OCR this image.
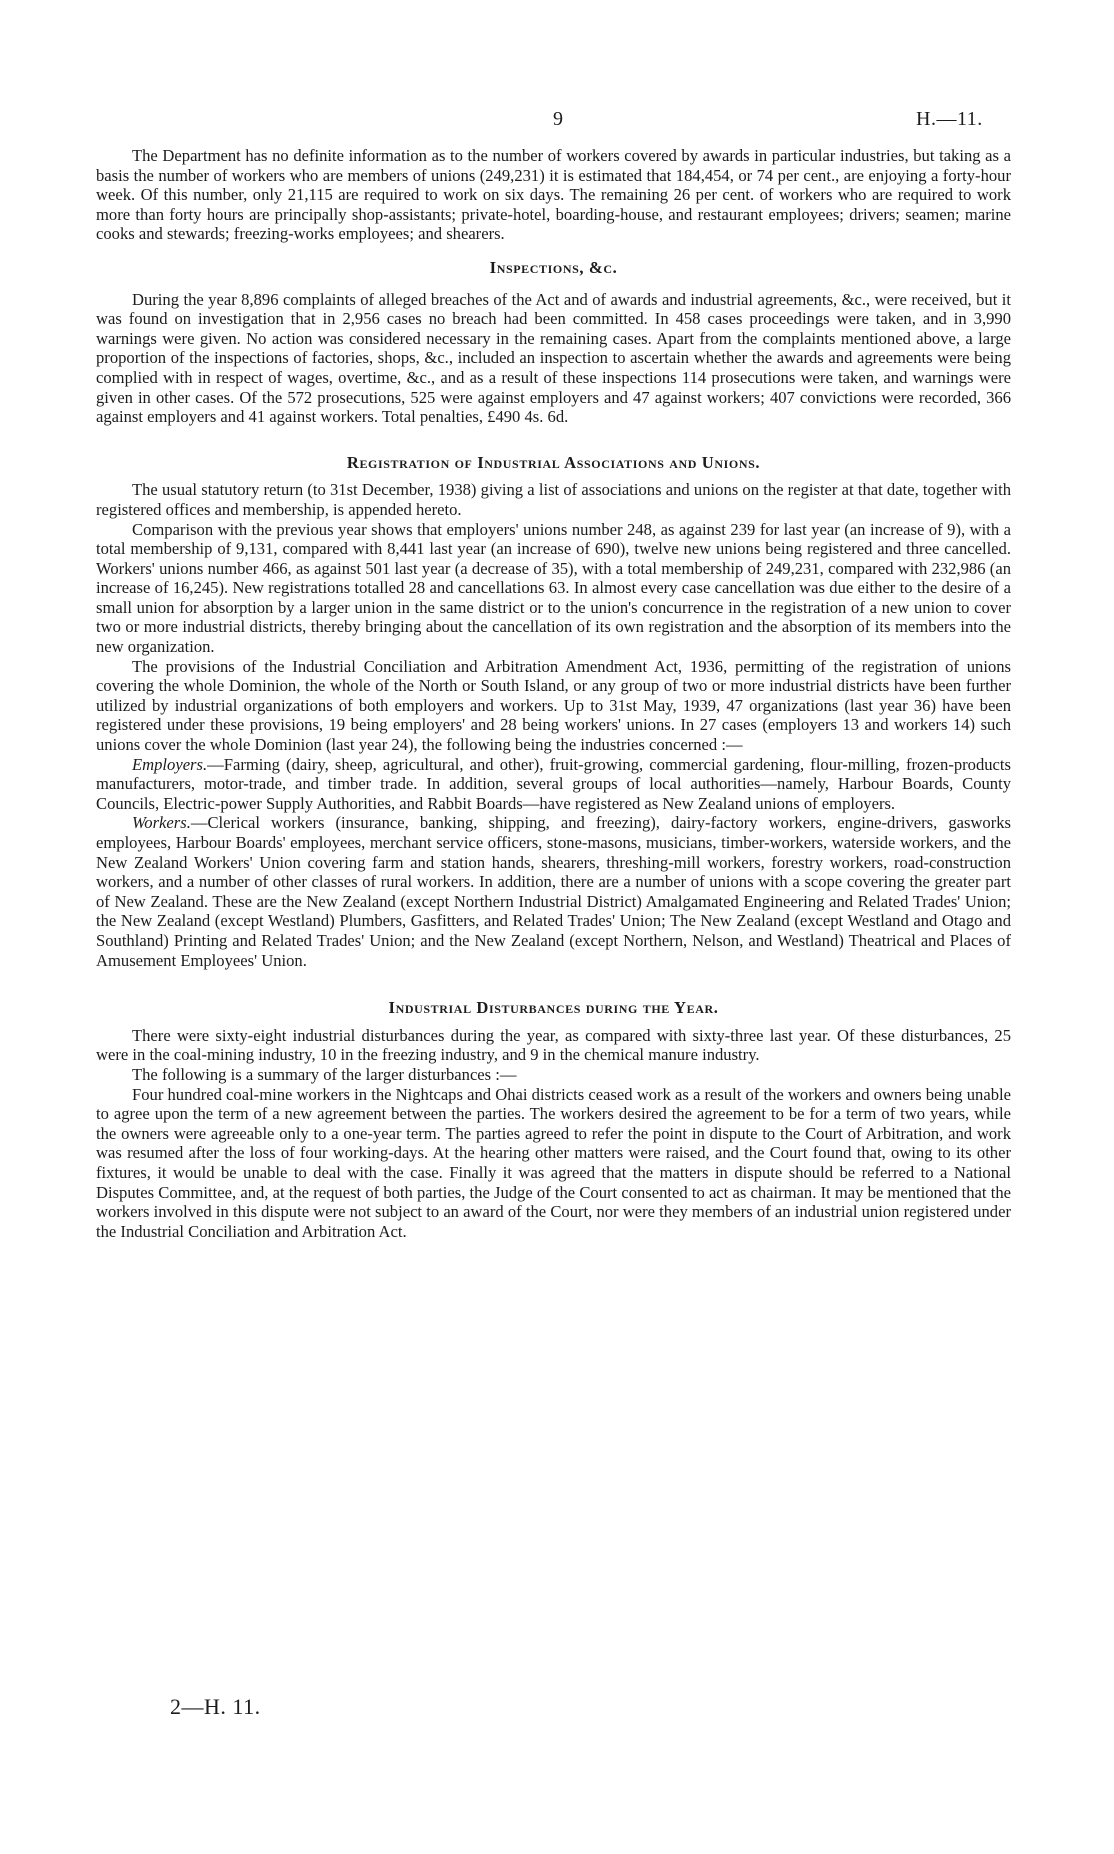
9	H.—11.

The Department has no definite information as to the number of workers covered by awards in particular industries, but taking as a basis the number of workers who are members of unions (249,231) it is estimated that 184,454, or 74 per cent., are enjoying a forty-hour week. Of this number, only 21,115 are required to work on six days. The remaining 26 per cent. of workers who are required to work more than forty hours are principally shop-assistants; private-hotel, boarding-house, and restaurant employees; drivers; seamen; marine cooks and stewards; freezing-works employees; and shearers.

Inspections, &c.

During the year 8,896 complaints of alleged breaches of the Act and of awards and industrial agreements, &c., were received, but it was found on investigation that in 2,956 cases no breach had been committed. In 458 cases proceedings were taken, and in 3,990 warnings were given. No action was considered necessary in the remaining cases. Apart from the complaints mentioned above, a large proportion of the inspections of factories, shops, &c., included an inspection to ascertain whether the awards and agreements were being complied with in respect of wages, overtime, &c., and as a result of these inspections 114 prosecutions were taken, and warnings were given in other cases. Of the 572 prosecutions, 525 were against employers and 47 against workers; 407 convictions were recorded, 366 against employers and 41 against workers. Total penalties, £490 4s. 6d.

Registration of Industrial Associations and Unions.

The usual statutory return (to 31st December, 1938) giving a list of associations and unions on the register at that date, together with registered offices and membership, is appended hereto.

Comparison with the previous year shows that employers' unions number 248, as against 239 for last year (an increase of 9), with a total membership of 9,131, compared with 8,441 last year (an increase of 690), twelve new unions being registered and three cancelled. Workers' unions number 466, as against 501 last year (a decrease of 35), with a total membership of 249,231, compared with 232,986 (an increase of 16,245). New registrations totalled 28 and cancellations 63. In almost every case cancellation was due either to the desire of a small union for absorption by a larger union in the same district or to the union's concurrence in the registration of a new union to cover two or more industrial districts, thereby bringing about the cancellation of its own registration and the absorption of its members into the new organization.

The provisions of the Industrial Conciliation and Arbitration Amendment Act, 1936, permitting of the registration of unions covering the whole Dominion, the whole of the North or South Island, or any group of two or more industrial districts have been further utilized by industrial organizations of both employers and workers. Up to 31st May, 1939, 47 organizations (last year 36) have been registered under these provisions, 19 being employers' and 28 being workers' unions. In 27 cases (employers 13 and workers 14) such unions cover the whole Dominion (last year 24), the following being the industries concerned :—

Employers.—Farming (dairy, sheep, agricultural, and other), fruit-growing, commercial gardening, flour-milling, frozen-products manufacturers, motor-trade, and timber trade. In addition, several groups of local authorities—namely, Harbour Boards, County Councils, Electric-power Supply Authorities, and Rabbit Boards—have registered as New Zealand unions of employers.

Workers.—Clerical workers (insurance, banking, shipping, and freezing), dairy-factory workers, engine-drivers, gasworks employees, Harbour Boards' employees, merchant service officers, stone-masons, musicians, timber-workers, waterside workers, and the New Zealand Workers' Union covering farm and station hands, shearers, threshing-mill workers, forestry workers, road-construction workers, and a number of other classes of rural workers. In addition, there are a number of unions with a scope covering the greater part of New Zealand. These are the New Zealand (except Northern Industrial District) Amalgamated Engineering and Related Trades' Union; the New Zealand (except Westland) Plumbers, Gasfitters, and Related Trades' Union; The New Zealand (except Westland and Otago and Southland) Printing and Related Trades' Union; and the New Zealand (except Northern, Nelson, and Westland) Theatrical and Places of Amusement Employees' Union.

Industrial Disturbances during the Year.

There were sixty-eight industrial disturbances during the year, as compared with sixty-three last year. Of these disturbances, 25 were in the coal-mining industry, 10 in the freezing industry, and 9 in the chemical manure industry.

The following is a summary of the larger disturbances :—

Four hundred coal-mine workers in the Nightcaps and Ohai districts ceased work as a result of the workers and owners being unable to agree upon the term of a new agreement between the parties. The workers desired the agreement to be for a term of two years, while the owners were agreeable only to a one-year term. The parties agreed to refer the point in dispute to the Court of Arbitration, and work was resumed after the loss of four working-days. At the hearing other matters were raised, and the Court found that, owing to its other fixtures, it would be unable to deal with the case. Finally it was agreed that the matters in dispute should be referred to a National Disputes Committee, and, at the request of both parties, the Judge of the Court consented to act as chairman. It may be mentioned that the workers involved in this dispute were not subject to an award of the Court, nor were they members of an industrial union registered under the Industrial Conciliation and Arbitration Act.

2—H. 11.
